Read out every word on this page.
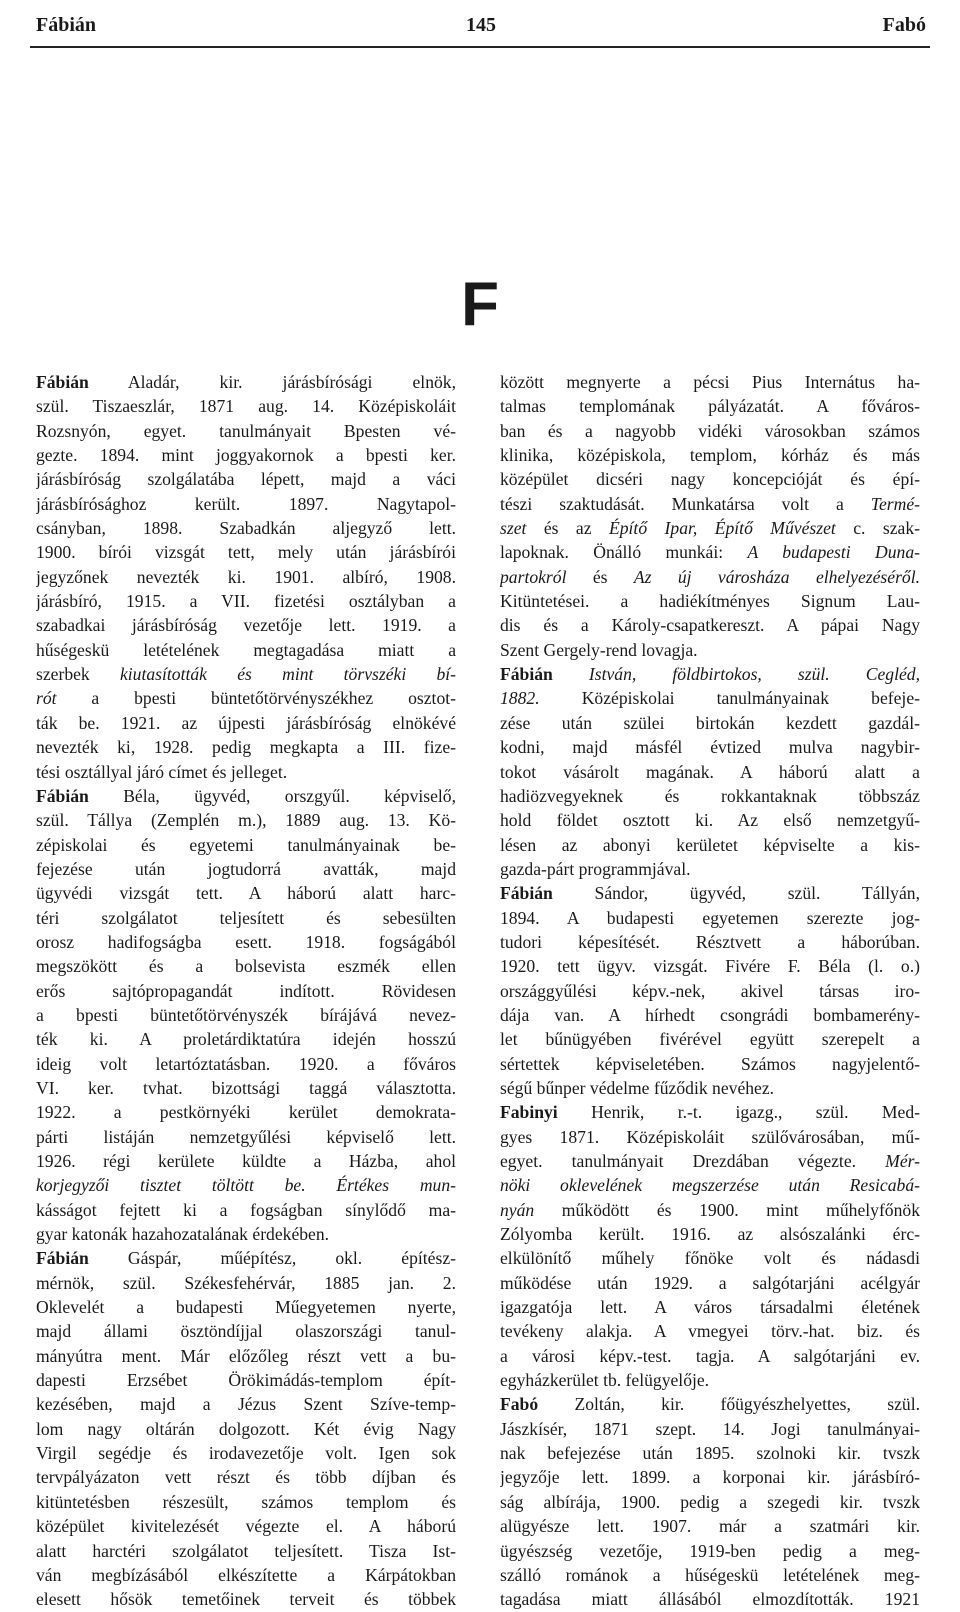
Fábián	145	Fabó
F
Fábián Aladár, kir. járásbírósági elnök,
szül. Tiszaeszlár, 1871 aug. 14. Középiskoláit
Rozsnyón, egyet. tanulmányait Bpesten vé-
gezte. 1894. mint joggyakornok a bpesti ker.
járásbíróság szolgálatába lépett, majd a váci
járásbírósághoz került. 1897. Nagytapol-
csányban, 1898. Szabadkán aljegyző lett.
1900. bírói vizsgát tett, mely után járásbírói
jegyzőnek nevezték ki. 1901. albíró, 1908.
járásbíró, 1915. a VII. fizetési osztályban a
szabadkai járásbíróság vezetője lett. 1919. a
hűségeskü letételének megtagadása miatt a
szerbek kiutasították és mint törvszéki bí-
rót a bpesti büntetőtörvényszékhez osztot-
ták be. 1921. az újpesti járásbíróság elnökévé
nevezték ki, 1928. pedig megkapta a III. fize-
tési osztállyal járó címet és jelleget.
Fábián Béla, ügyvéd, orszgyűl. képviselő,
szül. Tállya (Zemplén m.), 1889 aug. 13. Kö-
zépiskolai és egyetemi tanulmányainak be-
fejezése után jogtudorrá avatták, majd
ügyvédi vizsgát tett. A háború alatt harc-
téri szolgálatot teljesített és sebesülten
orosz hadifogságba esett. 1918. fogságából
megszökött és a bolsevista eszmék ellen
erős sajtópropagandát indított. Rövidesen
a bpesti büntetőtörvényszék bírájává nevez-
ték ki. A proletárdiktatúra idején hosszú
ideig volt letartóztatásban. 1920. a főváros
VI. ker. tvhat. bizottsági taggá választotta.
1922. a pestkörnyéki kerület demokrata-
párti listáján nemzetgyűlési képviselő lett.
1926. régi kerülete küldte a Házba, ahol
korjegyzői tisztet töltött be. Értékes mun-
kásságot fejtett ki a fogságban sínylődő ma-
gyar katonák hazahozatalának érdekében.
Fábián Gáspár, műépítész, okl. építész-
mérnök, szül. Székesfehérvár, 1885 jan. 2.
Oklevelét a budapesti Műegyetemen nyerte,
majd állami ösztöndíjjal olaszországi tanul-
mányútra ment. Már előzőleg részt vett a bu-
dapesti Erzsébet Örökimádás-templom épít-
kezésében, majd a Jézus Szent Szíve-temp-
lom nagy oltárán dolgozott. Két évig Nagy
Virgil segédje és irodavezetője volt. Igen sok
tervpályázaton vett részt és több díjban és
kitüntetésben részesült, számos templom és
középület kivitelezését végezte el. A háború
alatt harctéri szolgálatot teljesített. Tisza Ist-
ván megbízásából elkészítette a Kárpátokban
elesett hősök temetőinek terveit és többek
között megnyerte a pécsi Pius Internátus ha-
talmas templomának pályázatát. A főváros-
ban és a nagyobb vidéki városokban számos
klinika, középiskola, templom, kórház és más
középület dicséri nagy koncepcióját és épí-
tészi szaktudását. Munkatársa volt a Termé-
szet és az Építő Ipar, Építő Művészet c. szak-
lapoknak. Önálló munkái: A budapesti Duna-
partokról és Az új városháza elhelyezéséről.
Kitüntetései. a hadiékítményes Signum Lau-
dis és a Károly-csapatkereszt. A pápai Nagy
Szent Gergely-rend lovagja.
Fábián István, földbirtokos, szül. Cegléd,
1882. Középiskolai tanulmányainak befeje-
zése után szülei birtokán kezdett gazdál-
kodni, majd másfél évtized mulva nagybir-
tokot vásárolt magának. A háború alatt a
hadiözvegyeknek és rokkantaknak többszáz
hold földet osztott ki. Az első nemzetgyű-
lésen az abonyi kerületet képviselte a kis-
gazda-párt programmjával.
Fábián Sándor, ügyvéd, szül. Tállyán,
1894. A budapesti egyetemen szerezte jog-
tudori képesítését. Résztvett a háborúban.
1920. tett ügyv. vizsgát. Fivére F. Béla (l. o.)
országgyűlési képv.-nek, akivel társas iro-
dája van. A hírhedt csongrádi bombamerény-
let bűnügyében fivérével együtt szerepelt a
sértettek képviseletében. Számos nagyjelentő-
ségű bűnper védelme fűződik nevéhez.
Fabinyi Henrik, r.-t. igazg., szül. Med-
gyes 1871. Középiskoláit szülővárosában, mű-
egyet. tanulmányait Drezdában végezte. Mér-
nöki oklevelének megszerzése után Resicabá-
nyán működött és 1900. mint műhelyfőnök
Zólyomba került. 1916. az alsószalánki érc-
elkülönítő műhely főnöke volt és nádasdi
működése után 1929. a salgótarjáni acélgyár
igazgatója lett. A város társadalmi életének
tevékeny alakja. A vmegyei törv.-hat. biz. és
a városi képv.-test. tagja. A salgótarjáni ev.
egyházkerület tb. felügyelője.
Fabó Zoltán, kir. főügyészhelyettes, szül.
Jászkísér, 1871 szept. 14. Jogi tanulmányai-
nak befejezése után 1895. szolnoki kir. tvszk
jegyzője lett. 1899. a korponai kir. járásbíró-
ság albírája, 1900. pedig a szegedi kir. tvszk
alügyésze lett. 1907. már a szatmári kir.
ügyészség vezetője, 1919-ben pedig a meg-
szálló románok a hűségeskü letételének meg-
tagadása miatt állásából elmozdították. 1921
